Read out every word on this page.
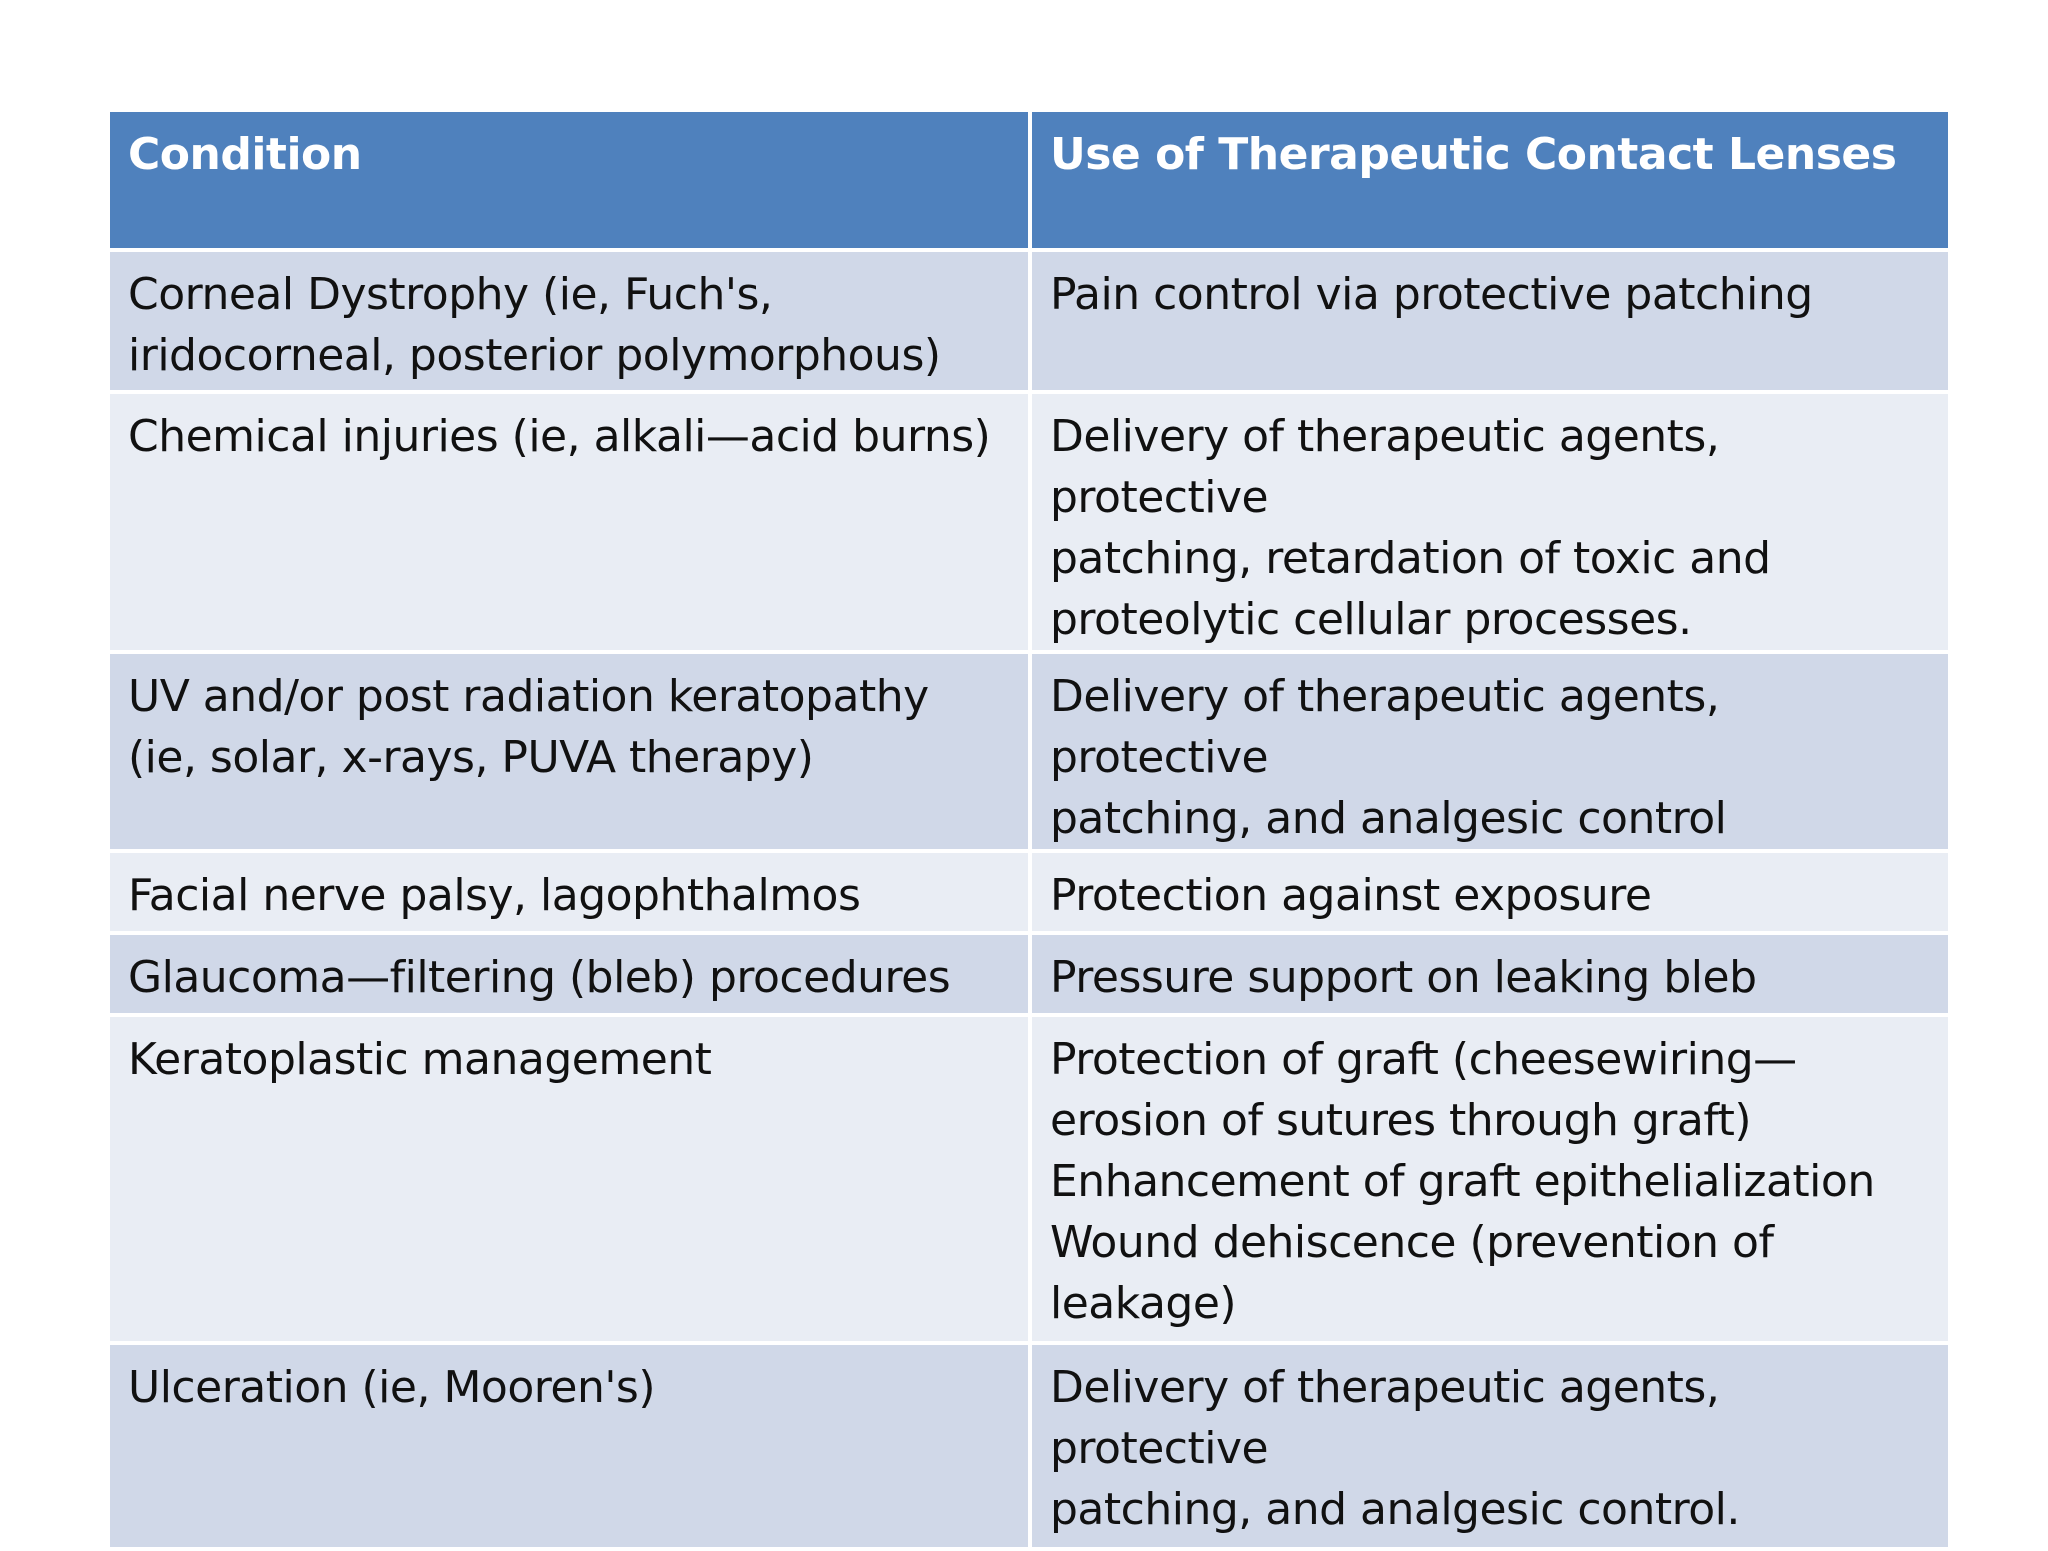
Condition	Use of Therapeutic Contact Lenses

Corneal Dystrophy (ie, Fuch's,
iridocorneal, posterior polymorphous)	Pain control via protective patching

Chemical injuries (ie, alkali—acid burns)	Delivery of therapeutic agents, protective
patching, retardation of toxic and
proteolytic cellular processes.

UV and/or post radiation keratopathy
(ie, solar, x-rays, PUVA therapy)	Delivery of therapeutic agents, protective
patching, and analgesic control

Facial nerve palsy, lagophthalmos	Protection against exposure

Glaucoma—filtering (bleb) procedures	Pressure support on leaking bleb

Keratoplastic management	Protection of graft (cheesewiring—
erosion of sutures through graft)
Enhancement of graft epithelialization
Wound dehiscence (prevention of
leakage)

Ulceration (ie, Mooren's)	Delivery of therapeutic agents, protective
patching, and analgesic control.
